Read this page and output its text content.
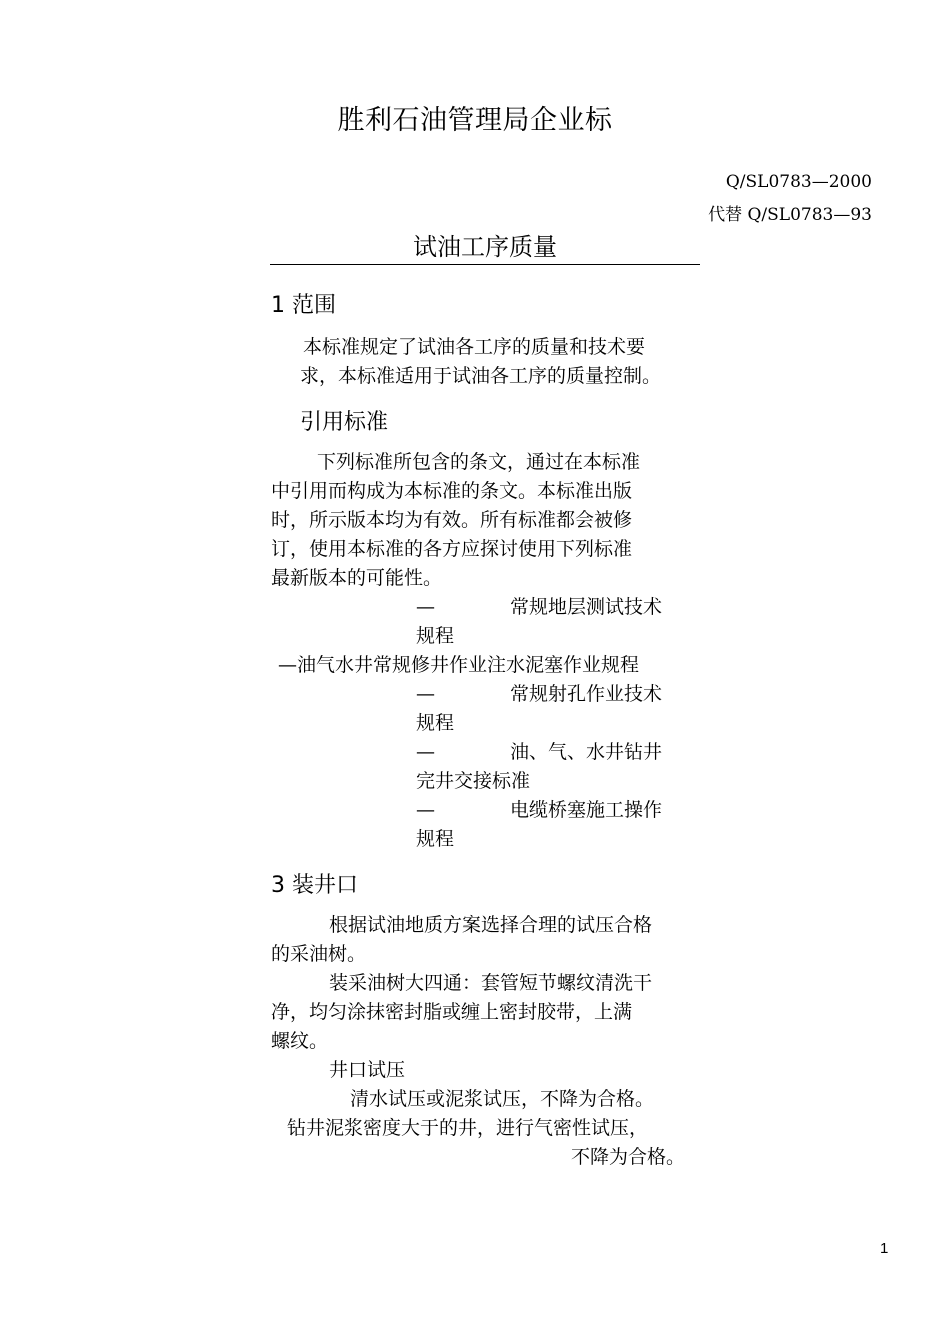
胜利石油管理局企业标
Q/SL0783—2000
代替 Q/SL0783—93
试油工序质量
1 范围
本标准规定了试油各工序的质量和技术要
求，本标准适用于试油各工序的质量控制。
引用标准
下列标准所包含的条文，通过在本标准
中引用而构成为本标准的条文。本标准出版
时，所示版本均为有效。所有标准都会被修
订，使用本标准的各方应探讨使用下列标准
最新版本的可能性。
—	常规地层测试技术
规程
—油气水井常规修井作业注水泥塞作业规程
—	常规射孔作业技术
规程
—	油、气、水井钻井
完井交接标准
—	电缆桥塞施工操作
规程
3 装井口
根据试油地质方案选择合理的试压合格
的采油树。
装采油树大四通：套管短节螺纹清洗干
净，均匀涂抹密封脂或缠上密封胶带，上满
螺纹。
井口试压
清水试压或泥浆试压，不降为合格。
钻井泥浆密度大于的井，进行气密性试压，
不降为合格。
1
